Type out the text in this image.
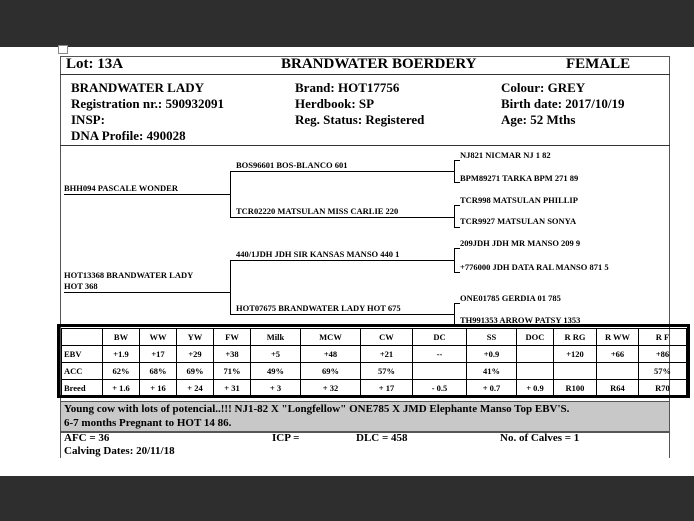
Lot: 13A	BRANDWATER BOERDERY	FEMALE
BRANDWATER LADY
Registration nr.: 590932091
INSP:
DNA Profile: 490028
Brand: HOT17756
Herdbook: SP
Reg. Status: Registered
Colour: GREY
Birth date: 2017/10/19
Age: 52 Mths
BHH094 PASCALE WONDER
HOT13368 BRANDWATER LADY
HOT 368
BOS96601 BOS-BLANCO 601
TCR02220 MATSULAN MISS CARLIE 220
440/1JDH JDH SIR KANSAS MANSO 440 1
HOT07675 BRANDWATER LADY HOT 675
NJ821 NICMAR NJ 1 82
BPM89271 TARKA BPM 271 89
TCR998 MATSULAN PHILLIP
TCR9927 MATSULAN SONYA
209JDH JDH MR MANSO 209 9
+776000 JDH DATA RAL MANSO 871 5
ONE01785 GERDIA 01 785
TH991353 ARROW PATSY 1353
	BW	WW	YW	FW	Milk	MCW	CW	DC	SS	DOC	R RG	R WW	R F
EBV	+1.9	+17	+29	+38	+5	+48	+21	--	+0.9		+120	+66	+86
ACC	62%	68%	69%	71%	49%	69%	57%		41%				57%
Breed	+ 1.6	+ 16	+ 24	+ 31	+ 3	+ 32	+ 17	- 0.5	+ 0.7	+ 0.9	R100	R64	R70
Young cow with lots of potencial..!!! NJ1-82 X "Longfellow" ONE785 X JMD Elephante Manso Top EBV'S.
6-7 months Pregnant to HOT 14 86.
AFC = 36	ICP =	DLC = 458	No. of Calves = 1
Calving Dates: 20/11/18
